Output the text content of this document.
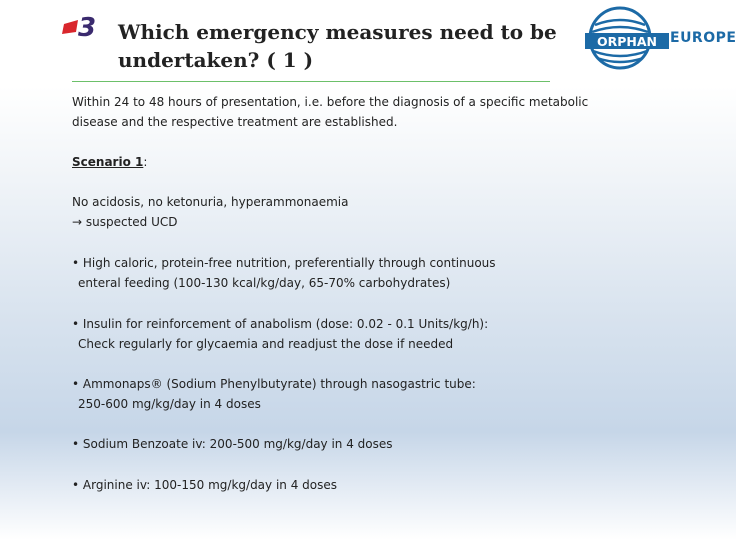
3 Which emergency measures need to be
undertaken? ( 1 )
ORPHAN EUROPE
Within 24 to 48 hours of presentation, i.e. before the diagnosis of a specific metabolic
disease and the respective treatment are established.
Scenario 1:
No acidosis, no ketonuria, hyperammonaemia
→ suspected UCD
• High caloric, protein-free nutrition, preferentially through continuous
enteral feeding (100-130 kcal/kg/day, 65-70% carbohydrates)
• Insulin for reinforcement of anabolism (dose: 0.02 - 0.1 Units/kg/h):
Check regularly for glycaemia and readjust the dose if needed
• Ammonaps® (Sodium Phenylbutyrate) through nasogastric tube:
250-600 mg/kg/day in 4 doses
• Sodium Benzoate iv: 200-500 mg/kg/day in 4 doses
• Arginine iv: 100-150 mg/kg/day in 4 doses
